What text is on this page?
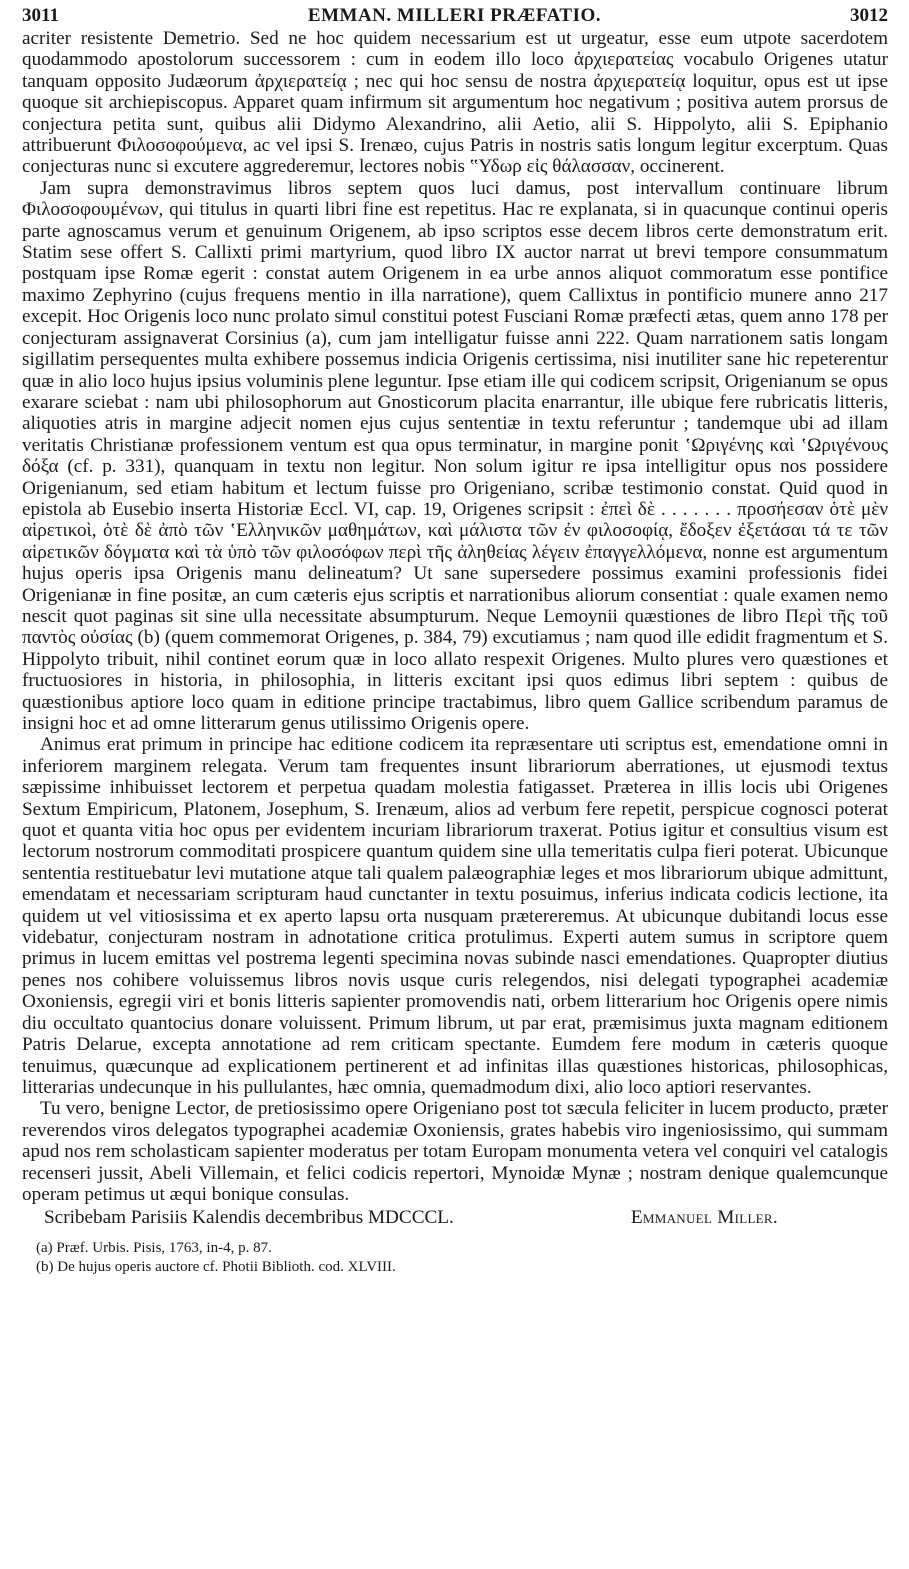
3011	EMMAN. MILLERI PRÆFATIO.	3012

acriter resistente Demetrio. Sed ne hoc quidem necessarium est ut urgeatur, esse eum utpote sacerdotem quodammodo apostolorum successorem : cum in eodem illo loco ἀρχιερατείας vocabulo Origenes utatur tanquam opposito Judæorum ἀρχιερατείᾳ ; nec qui hoc sensu de nostra ἀρχιερατείᾳ loquitur, opus est ut ipse quoque sit archiepiscopus. Apparet quam infirmum sit argumentum hoc negativum ; positiva autem prorsus de conjectura petita sunt, quibus alii Didymo Alexandrino, alii Aetio, alii S. Hippolyto, alii S. Epiphanio attribuerunt Φιλοσοφούμενα, ac vel ipsi S. Irenæo, cujus Patris in nostris satis longum legitur excerptum. Quas conjecturas nunc si excutere aggrederemur, lectores nobis ‟Υδωρ εἰς θάλασσαν, occinerent.

Jam supra demonstravimus libros septem quos luci damus, post intervallum continuare librum Φιλοσοφουμένων, qui titulus in quarti libri fine est repetitus. Hac re explanata, si in quacunque continui operis parte agnoscamus verum et genuinum Origenem, ab ipso scriptos esse decem libros certe demonstratum erit. Statim sese offert S. Callixti primi martyrium, quod libro IX auctor narrat ut brevi tempore consummatum postquam ipse Romæ egerit : constat autem Origenem in ea urbe annos aliquot commoratum esse pontifice maximo Zephyrino (cujus frequens mentio in illa narratione), quem Callixtus in pontificio munere anno 217 excepit. Hoc Origenis loco nunc prolato simul constitui potest Fusciani Romæ præfecti ætas, quem anno 178 per conjecturam assignaverat Corsinius (a), cum jam intelligatur fuisse anni 222. Quam narrationem satis longam sigillatim persequentes multa exhibere possemus indicia Origenis certissima, nisi inutiliter sane hic repeterentur quæ in alio loco hujus ipsius voluminis plene leguntur. Ipse etiam ille qui codicem scripsit, Origenianum se opus exarare sciebat : nam ubi philosophorum aut Gnosticorum placita enarrantur, ille ubique fere rubricatis litteris, aliquoties atris in margine adjecit nomen ejus cujus sententiæ in textu referuntur ; tandemque ubi ad illam veritatis Christianæ professionem ventum est qua opus terminatur, in margine ponit ‛Ωριγένης καὶ ‛Ωριγένους δόξα (cf. p. 331), quanquam in textu non legitur. Non solum igitur re ipsa intelligitur opus nos possidere Origenianum, sed etiam habitum et lectum fuisse pro Origeniano, scribæ testimonio constat. Quid quod in epistola ab Eusebio inserta Historiæ Eccl. VI, cap. 19, Origenes scripsit : ἐπεὶ δὲ . . . . . . . προσήεσαν ὁτὲ μὲν αἱρετικοὶ, ὁτὲ δὲ ἀπὸ τῶν ‛Ελληνικῶν μαθημάτων, καὶ μάλιστα τῶν ἐν φιλοσοφίᾳ, ἔδοξεν ἐξετάσαι τά τε τῶν αἱρετικῶν δόγματα καὶ τὰ ὑπὸ τῶν φιλοσόφων περὶ τῆς ἀληθείας λέγειν ἐπαγγελλόμενα, nonne est argumentum hujus operis ipsa Origenis manu delineatum? Ut sane supersedere possimus examini professionis fidei Origenianæ in fine positæ, an cum cæteris ejus scriptis et narrationibus aliorum consentiat : quale examen nemo nescit quot paginas sit sine ulla necessitate absumpturum. Neque Lemoynii quæstiones de libro Περὶ τῆς τοῦ παντὸς οὐσίας (b) (quem commemorat Origenes, p. 384, 79) excutiamus ; nam quod ille edidit fragmentum et S. Hippolyto tribuit, nihil continet eorum quæ in loco allato respexit Origenes. Multo plures vero quæstiones et fructuosiores in historia, in philosophia, in litteris excitant ipsi quos edimus libri septem : quibus de quæstionibus aptiore loco quam in editione principe tractabimus, libro quem Gallice scribendum paramus de insigni hoc et ad omne litterarum genus utilissimo Origenis opere.

Animus erat primum in principe hac editione codicem ita repræsentare uti scriptus est, emendatione omni in inferiorem marginem relegata. Verum tam frequentes insunt librariorum aberrationes, ut ejusmodi textus sæpissime inhibuisset lectorem et perpetua quadam molestia fatigasset. Præterea in illis locis ubi Origenes Sextum Empiricum, Platonem, Josephum, S. Irenæum, alios ad verbum fere repetit, perspicue cognosci poterat quot et quanta vitia hoc opus per evidentem incuriam librariorum traxerat. Potius igitur et consultius visum est lectorum nostrorum commoditati prospicere quantum quidem sine ulla temeritatis culpa fieri poterat. Ubicunque sententia restituebatur levi mutatione atque tali qualem palæographiæ leges et mos librariorum ubique admittunt, emendatam et necessariam scripturam haud cunctanter in textu posuimus, inferius indicata codicis lectione, ita quidem ut vel vitiosissima et ex aperto lapsu orta nusquam prætereremus. At ubicunque dubitandi locus esse videbatur, conjecturam nostram in adnotatione critica protulimus. Experti autem sumus in scriptore quem primus in lucem emittas vel postrema legenti specimina novas subinde nasci emendationes. Quapropter diutius penes nos cohibere voluissemus libros novis usque curis relegendos, nisi delegati typographei academiæ Oxoniensis, egregii viri et bonis litteris sapienter promovendis nati, orbem litterarium hoc Origenis opere nimis diu occultato quantocius donare voluissent. Primum librum, ut par erat, præmisimus juxta magnam editionem Patris Delarue, excepta annotatione ad rem criticam spectante. Eumdem fere modum in cæteris quoque tenuimus, quæcunque ad explicationem pertinerent et ad infinitas illas quæstiones historicas, philosophicas, litterarias undecunque in his pullulantes, hæc omnia, quemadmodum dixi, alio loco aptiori reservantes.

Tu vero, benigne Lector, de pretiosissimo opere Origeniano post tot sæcula feliciter in lucem producto, præter reverendos viros delegatos typographei academiæ Oxoniensis, grates habebis viro ingeniosissimo, qui summam apud nos rem scholasticam sapienter moderatus per totam Europam monumenta vetera vel conquiri vel catalogis recenseri jussit, Abeli Villemain, et felici codicis repertori, Mynoidæ Mynæ ; nostram denique qualemcunque operam petimus ut æqui bonique consulas.

Scribebam Parisiis Kalendis decembribus MDCCCL.	Emmanuel Miller.
(a) Præf. Urbis. Pisis, 1763, in-4, p. 87.
(b) De hujus operis auctore cf. Photii Biblioth. cod. XLVIII.
